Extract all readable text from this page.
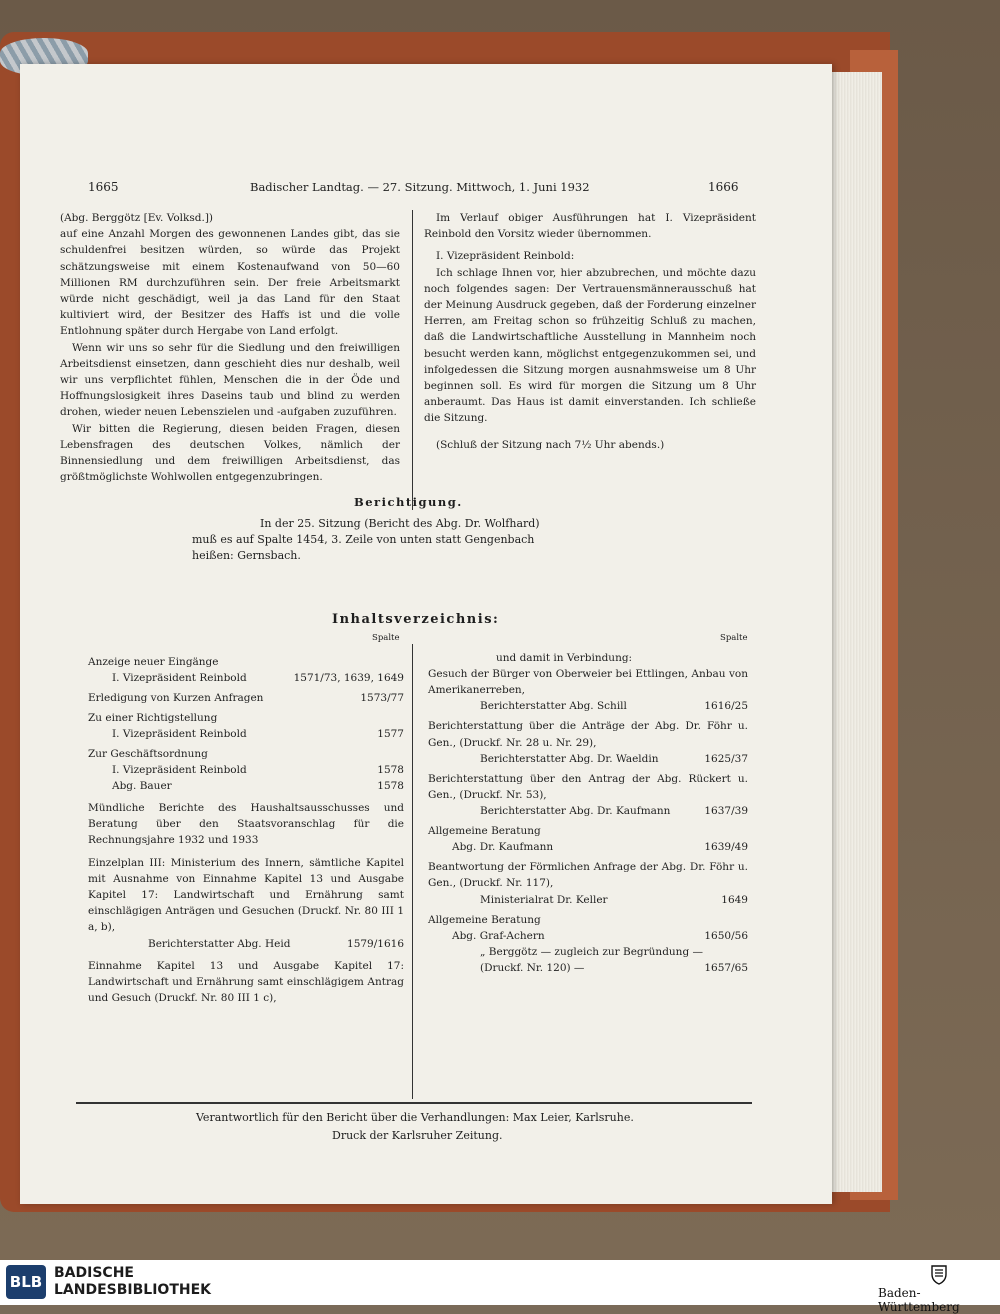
1665	Badischer Landtag. — 27. Sitzung. Mittwoch, 1. Juni 1932	1666

(Abg. Berggötz [Ev. Volksd.])

auf eine Anzahl Morgen des gewonnenen Landes gibt, das sie schuldenfrei besitzen würden, so würde das Projekt schätzungsweise mit einem Kostenaufwand von 50—60 Millionen RM durchzuführen sein. Der freie Arbeitsmarkt würde nicht geschädigt, weil ja das Land für den Staat kultiviert wird, der Besitzer des Haffs ist und die volle Entlohnung später durch Hergabe von Land erfolgt.

Wenn wir uns so sehr für die Siedlung und den freiwilligen Arbeitsdienst einsetzen, dann geschieht dies nur deshalb, weil wir uns verpflichtet fühlen, Menschen die in der Öde und Hoffnungslosigkeit ihres Daseins taub und blind zu werden drohen, wieder neuen Lebenszielen und -aufgaben zuzuführen.

Wir bitten die Regierung, diesen beiden Fragen, diesen Lebensfragen des deutschen Volkes, nämlich der Binnensiedlung und dem freiwilligen Arbeitsdienst, das größtmöglichste Wohlwollen entgegenzubringen.

Im Verlauf obiger Ausführungen hat I. Vizepräsident Reinbold den Vorsitz wieder übernommen.

I. Vizepräsident Reinbold:

Ich schlage Ihnen vor, hier abzubrechen, und möchte dazu noch folgendes sagen: Der Vertrauensmännerausschuß hat der Meinung Ausdruck gegeben, daß der Forderung einzelner Herren, am Freitag schon so frühzeitig Schluß zu machen, daß die Landwirtschaftliche Ausstellung in Mannheim noch besucht werden kann, möglichst entgegenzukommen sei, und infolgedessen die Sitzung morgen ausnahmsweise um 8 Uhr beginnen soll. Es wird für morgen die Sitzung um 8 Uhr anberaumt. Das Haus ist damit einverstanden. Ich schließe die Sitzung.

(Schluß der Sitzung nach 7½ Uhr abends.)

Berichtigung.
In der 25. Sitzung (Bericht des Abg. Dr. Wolfhard)
muß es auf Spalte 1454, 3. Zeile von unten statt Gengenbach
heißen: Gernsbach.
Inhaltsverzeichnis:
Spalte	Spalte
Anzeige neuer Eingänge
I. Vizepräsident Reinbold	1571/73, 1639, 1649
Erledigung von Kurzen Anfragen	1573/77
Zu einer Richtigstellung
I. Vizepräsident Reinbold	1577
Zur Geschäftsordnung
I. Vizepräsident Reinbold	1578
Abg. Bauer	1578

Mündliche Berichte des Haushaltsausschusses und Beratung über den Staatsvoranschlag für die Rechnungsjahre 1932 und 1933

Einzelplan III: Ministerium des Innern, sämtliche Kapitel mit Ausnahme von Einnahme Kapitel 13 und Ausgabe Kapitel 17: Landwirtschaft und Ernährung samt einschlägigen Anträgen und Gesuchen (Druckf. Nr. 80 III 1 a, b),

Berichterstatter Abg. Heid	1579/1616

Einnahme Kapitel 13 und Ausgabe Kapitel 17: Landwirtschaft und Ernährung samt einschlägigem Antrag und Gesuch (Druckf. Nr. 80 III 1 c),

und damit in Verbindung:

Gesuch der Bürger von Oberweier bei Ettlingen, Anbau von Amerikanerreben,

Berichterstatter Abg. Schill	1616/25

Berichterstattung über die Anträge der Abg. Dr. Föhr u. Gen., (Druckf. Nr. 28 u. Nr. 29),

Berichterstatter Abg. Dr. Waeldin	1625/37

Berichterstattung über den Antrag der Abg. Rückert u. Gen., (Druckf. Nr. 53),

Berichterstatter Abg. Dr. Kaufmann	1637/39
Allgemeine Beratung
Abg. Dr. Kaufmann	1639/49

Beantwortung der Förmlichen Anfrage der Abg. Dr. Föhr u. Gen., (Druckf. Nr. 117),

Ministerialrat Dr. Keller	1649
Allgemeine Beratung
Abg. Graf-Achern	1650/56
„ Berggötz — zugleich zur Begründung —
(Druckf. Nr. 120) —	1657/65
Verantwortlich für den Bericht über die Verhandlungen: Max Leier, Karlsruhe.
Druck der Karlsruher Zeitung.
BLB BADISCHE
LANDESBIBLIOTHEK	Baden-Württemberg
